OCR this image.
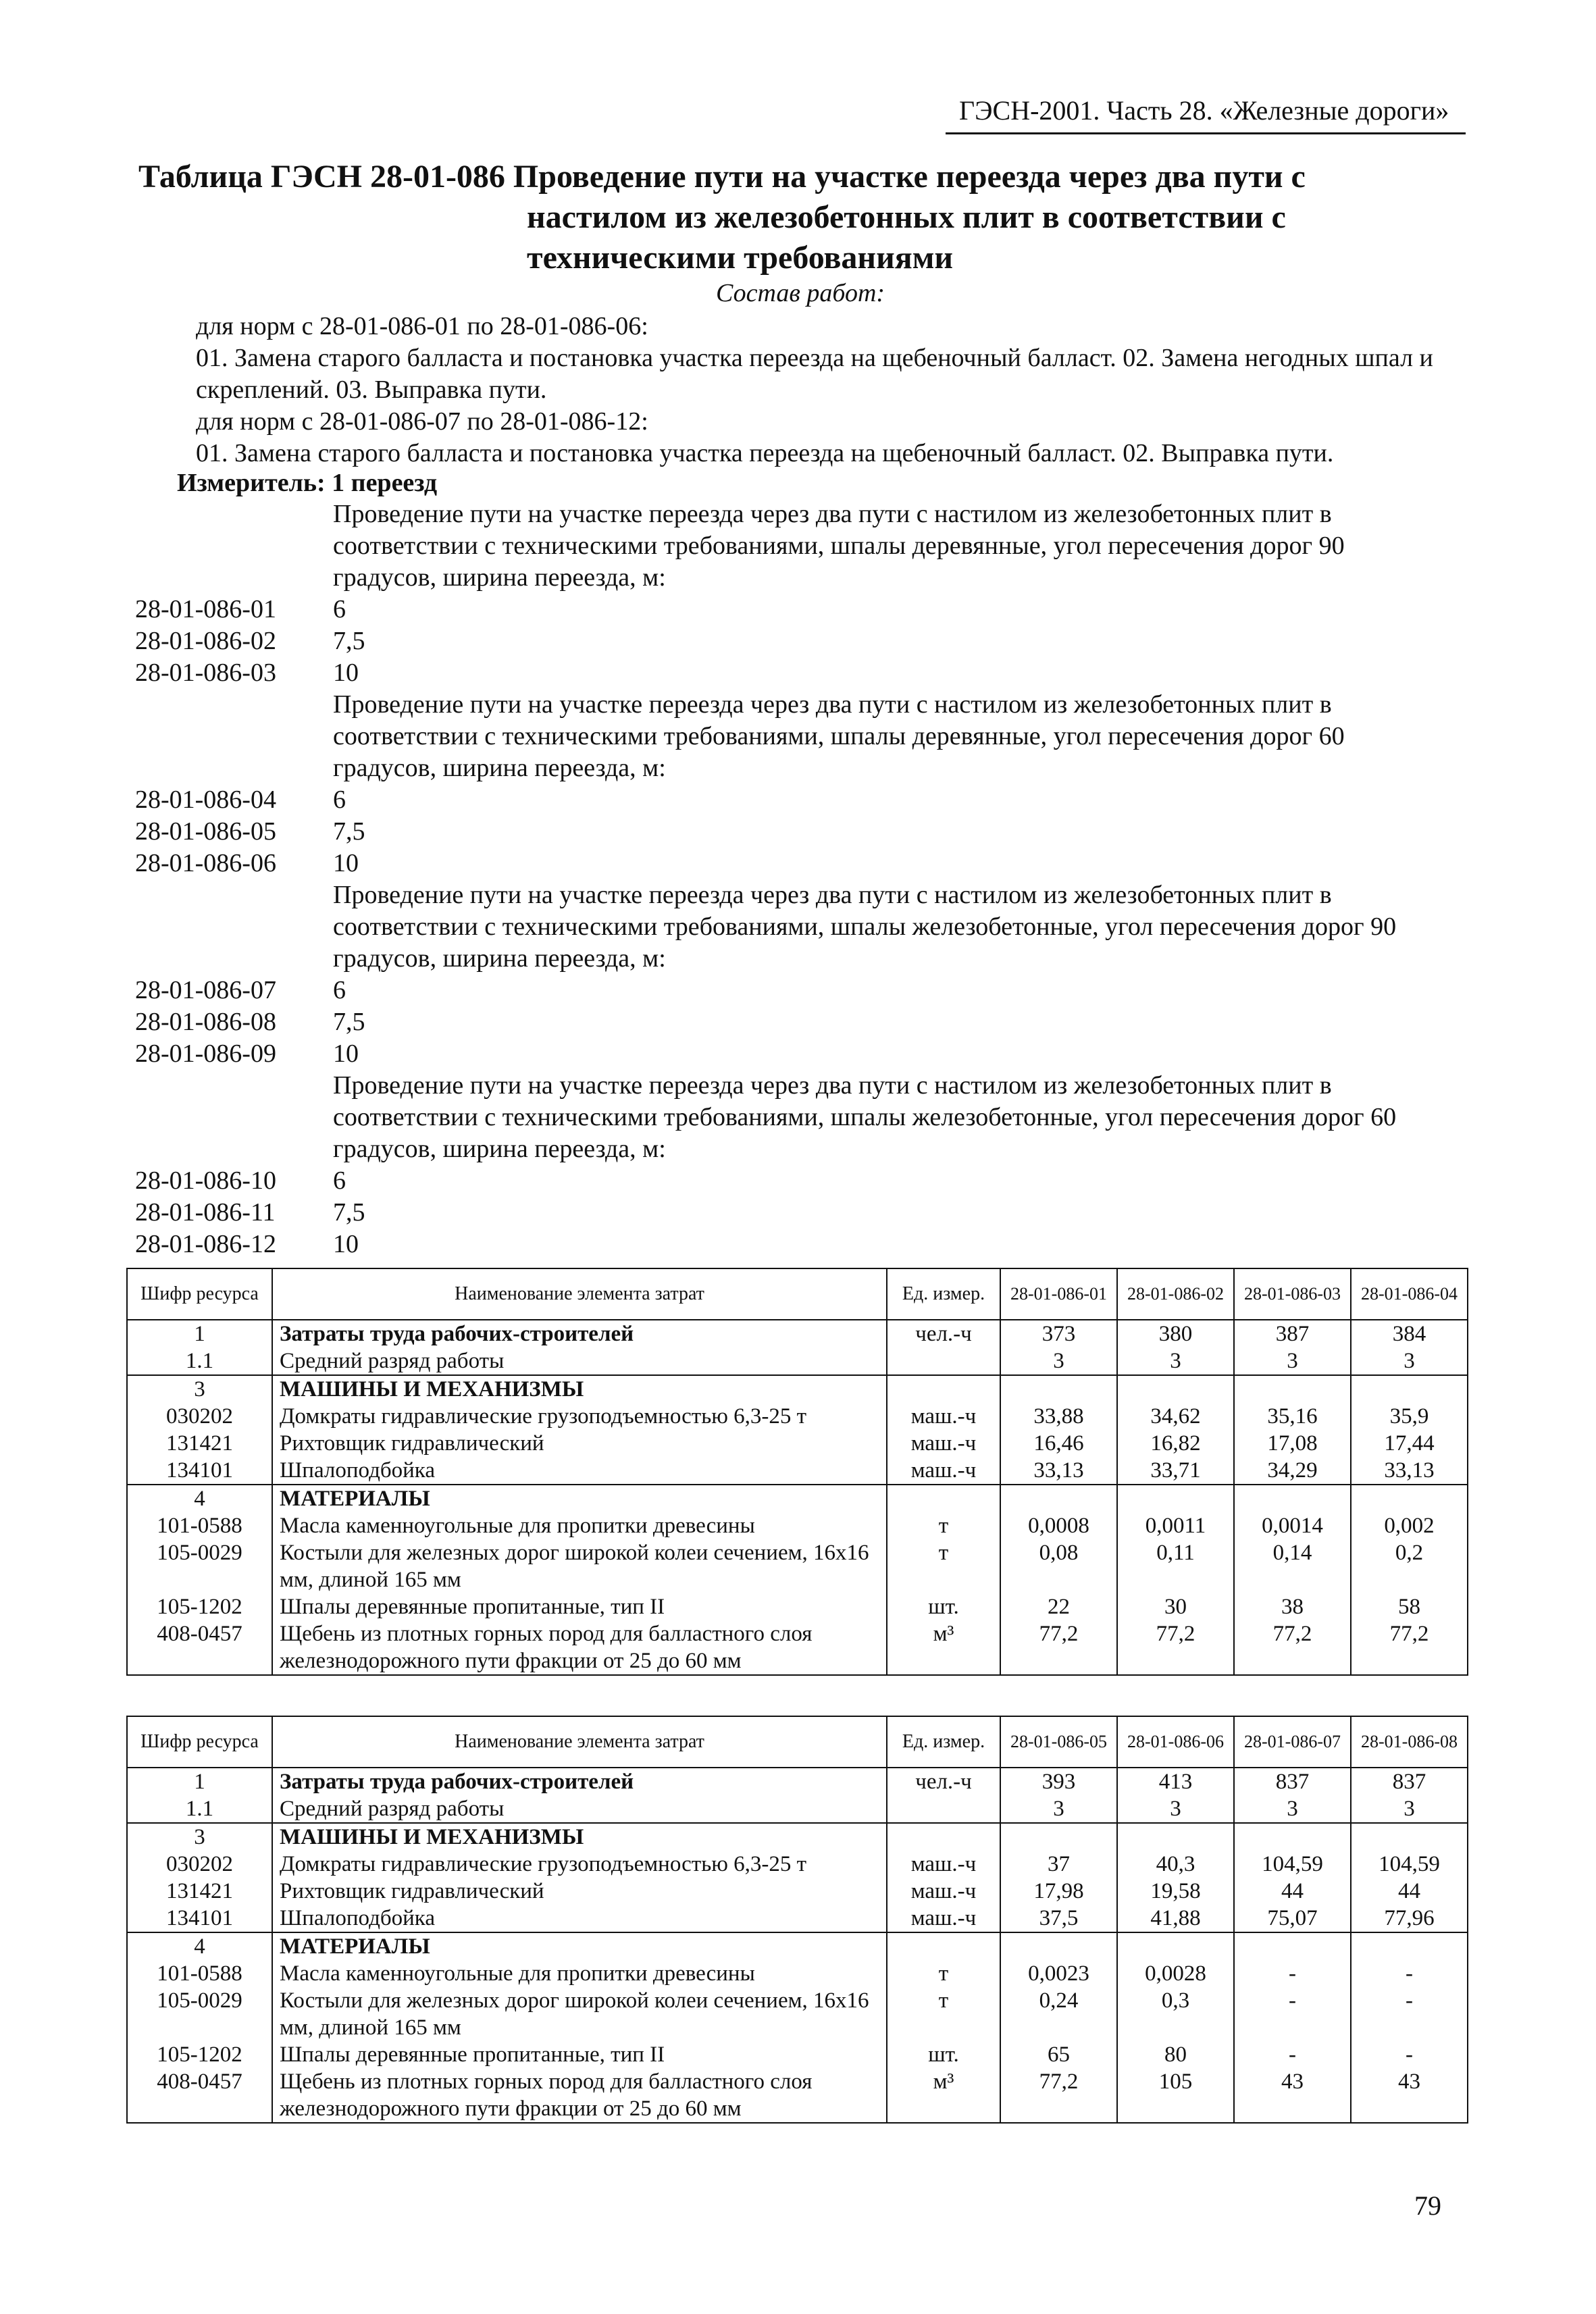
ГЭСН-2001. Часть 28. «Железные дороги»
Таблица ГЭСН 28-01-086 Проведение пути на участке переезда через два пути с
настилом из железобетонных плит в соответствии с
техническими требованиями
Состав работ:
для норм с 28-01-086-01 по 28-01-086-06:
01. Замена старого балласта и постановка участка переезда на щебеночный балласт. 02. Замена негодных шпал и скреплений. 03. Выправка пути.
для норм с 28-01-086-07 по 28-01-086-12:
01. Замена старого балласта и постановка участка переезда на щебеночный балласт. 02. Выправка пути.
Измеритель: 1 переезд
Проведение пути на участке переезда через два пути с настилом из железобетонных плит в соответствии с техническими требованиями, шпалы деревянные, угол пересечения дорог 90 градусов, ширина переезда, м:
28-01-086-01	6
28-01-086-02	7,5
28-01-086-03	10
Проведение пути на участке переезда через два пути с настилом из железобетонных плит в соответствии с техническими требованиями, шпалы деревянные, угол пересечения дорог 60 градусов, ширина переезда, м:
28-01-086-04	6
28-01-086-05	7,5
28-01-086-06	10
Проведение пути на участке переезда через два пути с настилом из железобетонных плит в соответствии с техническими требованиями, шпалы железобетонные, угол пересечения дорог 90 градусов, ширина переезда, м:
28-01-086-07	6
28-01-086-08	7,5
28-01-086-09	10
Проведение пути на участке переезда через два пути с настилом из железобетонных плит в соответствии с техническими требованиями, шпалы железобетонные, угол пересечения дорог 60 градусов, ширина переезда, м:
28-01-086-10	6
28-01-086-11	7,5
28-01-086-12	10
Шифр ресурса	Наименование элемента затрат	Ед. измер.	28-01-086-01	28-01-086-02	28-01-086-03	28-01-086-04
1	Затраты труда рабочих-строителей	чел.-ч	373	380	387	384
1.1	Средний разряд работы		3	3	3	3
3	МАШИНЫ И МЕХАНИЗМЫ					
030202	Домкраты гидравлические грузоподъемностью 6,3-25 т	маш.-ч	33,88	34,62	35,16	35,9
131421	Рихтовщик гидравлический	маш.-ч	16,46	16,82	17,08	17,44
134101	Шпалоподбойка	маш.-ч	33,13	33,71	34,29	33,13
4	МАТЕРИАЛЫ					
101-0588	Масла каменноугольные для пропитки древесины	т	0,0008	0,0011	0,0014	0,002
105-0029	Костыли для железных дорог широкой колеи сечением, 16х16 мм, длиной 165 мм	т	0,08	0,11	0,14	0,2
105-1202	Шпалы деревянные пропитанные, тип II	шт.	22	30	38	58
408-0457	Щебень из плотных горных пород для балластного слоя железнодорожного пути фракции от 25 до 60 мм	м³	77,2	77,2	77,2	77,2
Шифр ресурса	Наименование элемента затрат	Ед. измер.	28-01-086-05	28-01-086-06	28-01-086-07	28-01-086-08
1	Затраты труда рабочих-строителей	чел.-ч	393	413	837	837
1.1	Средний разряд работы		3	3	3	3
3	МАШИНЫ И МЕХАНИЗМЫ					
030202	Домкраты гидравлические грузоподъемностью 6,3-25 т	маш.-ч	37	40,3	104,59	104,59
131421	Рихтовщик гидравлический	маш.-ч	17,98	19,58	44	44
134101	Шпалоподбойка	маш.-ч	37,5	41,88	75,07	77,96
4	МАТЕРИАЛЫ					
101-0588	Масла каменноугольные для пропитки древесины	т	0,0023	0,0028	-	-
105-0029	Костыли для железных дорог широкой колеи сечением, 16х16 мм, длиной 165 мм	т	0,24	0,3	-	-
105-1202	Шпалы деревянные пропитанные, тип II	шт.	65	80	-	-
408-0457	Щебень из плотных горных пород для балластного слоя железнодорожного пути фракции от 25 до 60 мм	м³	77,2	105	43	43
79
